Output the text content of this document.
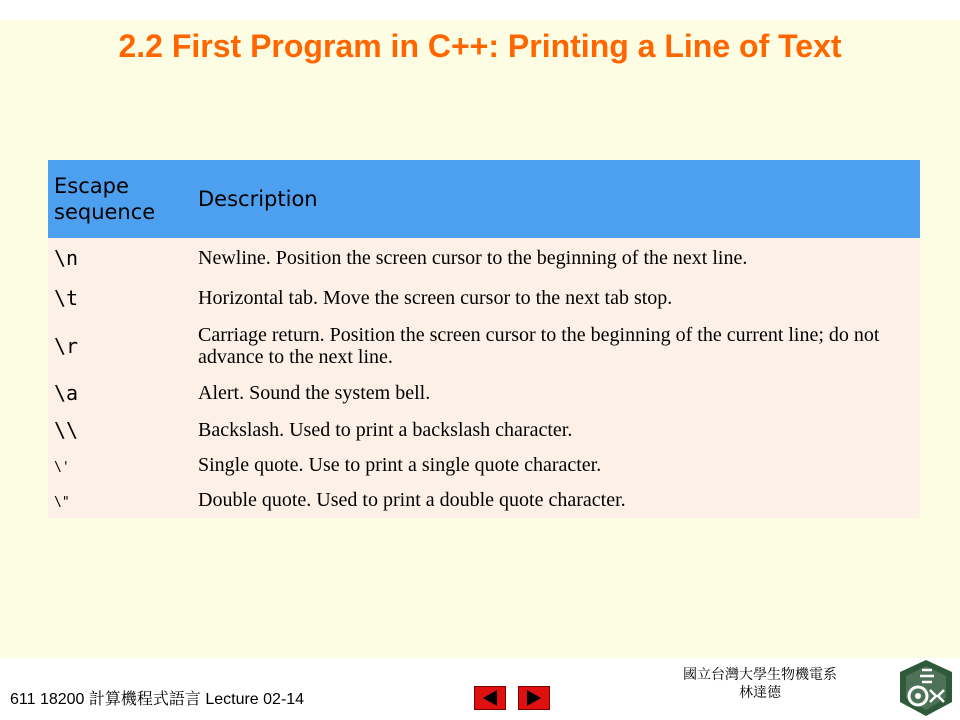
2.2 First Program in C++: Printing a Line of Text
Escape
sequence	Description
\n	Newline. Position the screen cursor to the beginning of the next line.
\t	Horizontal tab. Move the screen cursor to the next tab stop.
\r	Carriage return. Position the screen cursor to the beginning of the current line; do not advance to the next line.
\a	Alert. Sound the system bell.
\\	Backslash. Used to print a backslash character.
\'	Single quote. Use to print a single quote character.
\"	Double quote. Used to print a double quote character.
611 18200 計算機程式語言 Lecture 02-14
國立台灣大學生物機電系
林達德
